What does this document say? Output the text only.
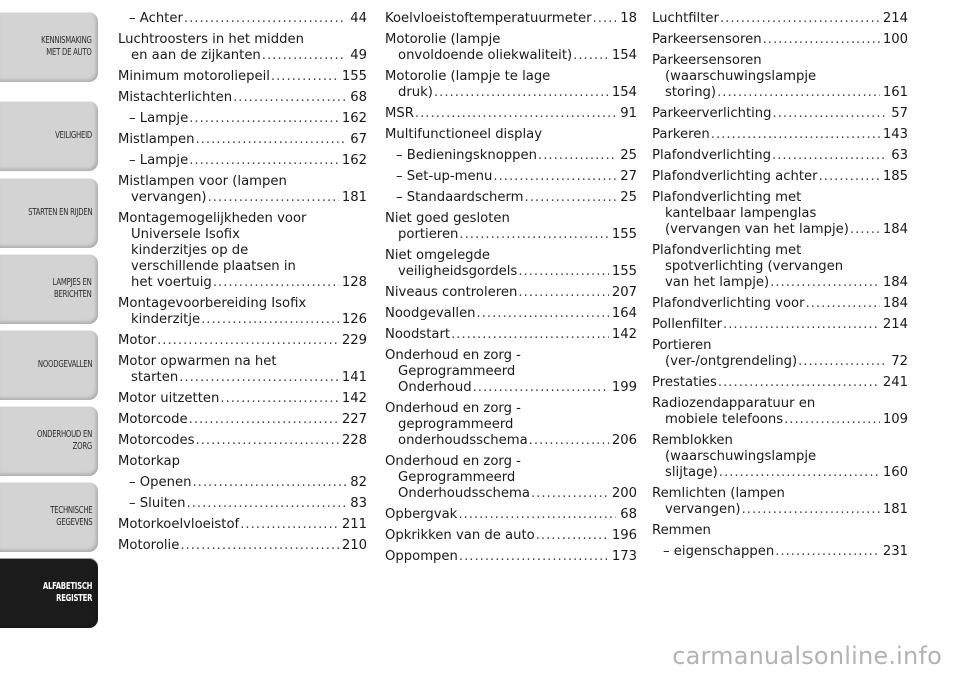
KENNISMAKING
MET DE AUTO
VEILIGHEID
STARTEN EN RIJDEN
LAMPJES EN
BERICHTEN
NOODGEVALLEN
ONDERHOUD EN
ZORG
TECHNISCHE
GEGEVENS
ALFABETISCH
REGISTER
– Achter .....	44
Luchtroosters in het midden
en aan de zijkanten .....	49
Minimum motoroliepeil .....	155
Mistachterlichten .....	68
– Lampje .....	162
Mistlampen .....	67
– Lampje .....	162
Mistlampen voor (lampen
vervangen) .....	181
Montagemogelijkheden voor
Universele Isofix
kinderzitjes op de
verschillende plaatsen in
het voertuig .....	128
Montagevoorbereiding Isofix
kinderzitje .....	126
Motor .....	229
Motor opwarmen na het
starten .....	141
Motor uitzetten .....	142
Motorcode .....	227
Motorcodes .....	228
Motorkap
– Openen .....	82
– Sluiten .....	83
Motorkoelvloeistof .....	211
Motorolie .....	210
Koelvloeistoftemperatuurmeter ..... 18
Motorolie (lampje
onvoldoende oliekwaliteit) .....	154
Motorolie (lampje te lage
druk) .....	154
MSR .....	91
Multifunctioneel display
– Bedieningsknoppen .....	25
– Set-up-menu .....	27
– Standaardscherm .....	25
Niet goed gesloten
portieren .....	155
Niet omgelegde
veiligheidsgordels .....	155
Niveaus controleren .....	207
Noodgevallen .....	164
Noodstart .....	142
Onderhoud en zorg -
Geprogrammeerd
Onderhoud .....	199
Onderhoud en zorg -
geprogrammeerd
onderhoudsschema .....	206
Onderhoud en zorg -
Geprogrammeerd
Onderhoudsschema .....	200
Opbergvak .....	68
Opkrikken van de auto .....	196
Oppompen .....	173
Luchtfilter .....	214
Parkeersensoren .....	100
Parkeersensoren
(waarschuwingslampje
storing) .....	161
Parkeerverlichting .....	57
Parkeren .....	143
Plafondverlichting .....	63
Plafondverlichting achter .....	185
Plafondverlichting met
kantelbaar lampenglas
(vervangen van het lampje) .....	184
Plafondverlichting met
spotverlichting (vervangen
van het lampje) .....	184
Plafondverlichting voor .....	184
Pollenfilter .....	214
Portieren
(ver-/ontgrendeling) .....	72
Prestaties .....	241
Radiozendapparatuur en
mobiele telefoons .....	109
Remblokken
(waarschuwingslampje
slijtage) .....	160
Remlichten (lampen
vervangen) .....	181
Remmen
– eigenschappen .....	231
carmanualsonline.info
